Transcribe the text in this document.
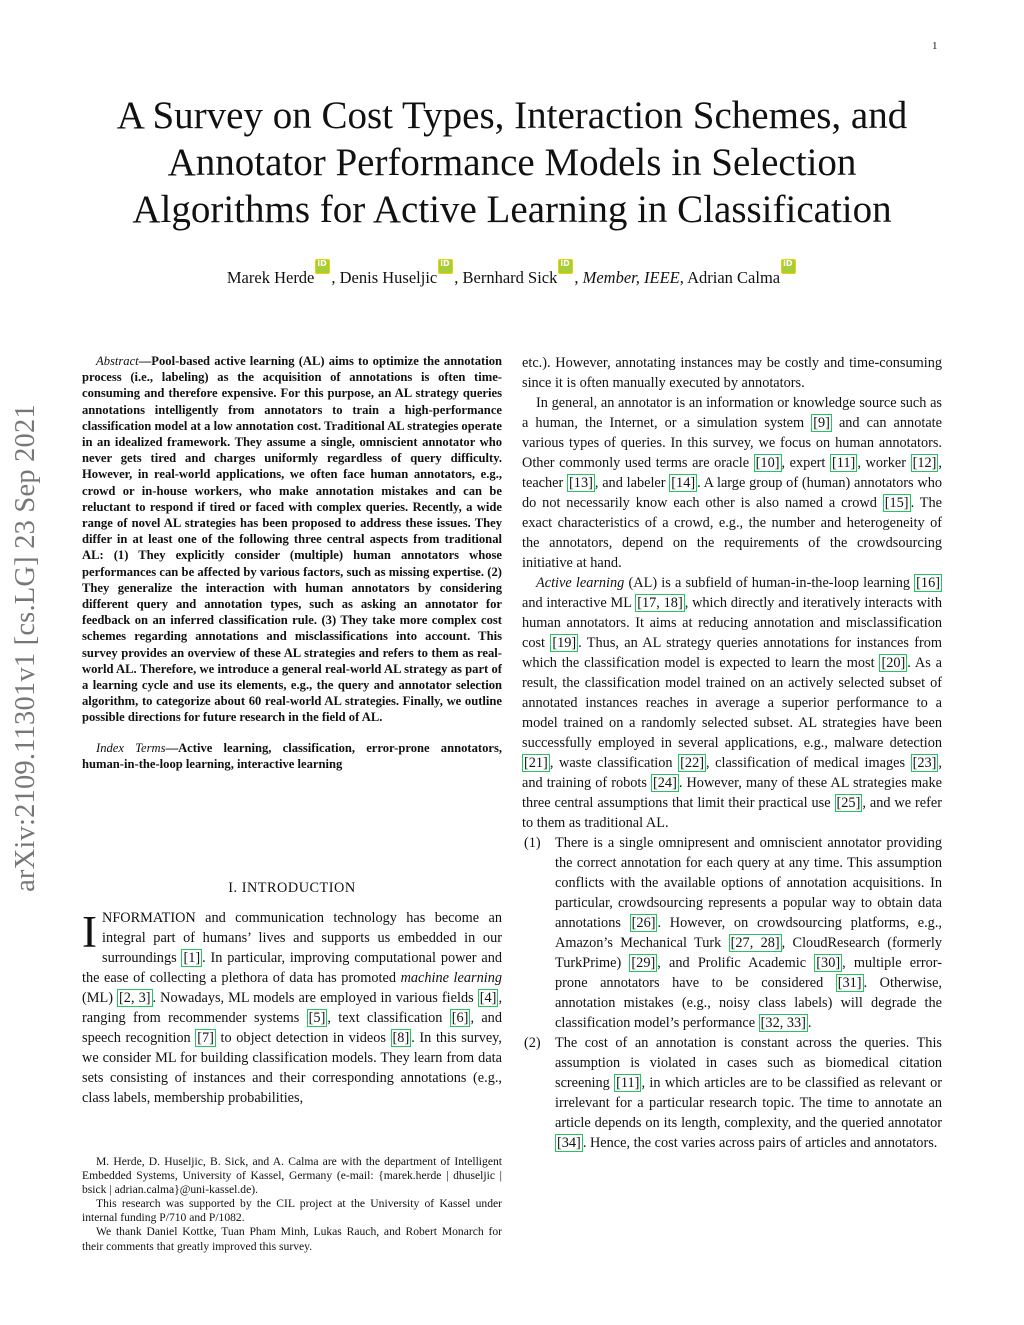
1
A Survey on Cost Types, Interaction Schemes, and
Annotator Performance Models in Selection
Algorithms for Active Learning in Classification
Marek HerdeiD , Denis HuseljiciD , Bernhard SickiD , Member, IEEE, Adrian CalmaiD
arXiv:2109.11301v1 [cs.LG] 23 Sep 2021

Abstract—Pool-based active learning (AL) aims to optimize the annotation process (i.e., labeling) as the acquisition of annotations is often time-consuming and therefore expensive. For this purpose, an AL strategy queries annotations intelligently from annotators to train a high-performance classification model at a low annotation cost. Traditional AL strategies operate in an idealized framework. They assume a single, omniscient annotator who never gets tired and charges uniformly regardless of query difficulty. However, in real-world applications, we often face human annotators, e.g., crowd or in-house workers, who make annotation mistakes and can be reluctant to respond if tired or faced with complex queries. Recently, a wide range of novel AL strategies has been proposed to address these issues. They differ in at least one of the following three central aspects from traditional AL: (1) They explicitly consider (multiple) human annotators whose performances can be affected by various factors, such as missing expertise. (2) They generalize the interaction with human annotators by considering different query and annotation types, such as asking an annotator for feedback on an inferred classification rule. (3) They take more complex cost schemes regarding annotations and misclassifications into account. This survey provides an overview of these AL strategies and refers to them as real-world AL. Therefore, we introduce a general real-world AL strategy as part of a learning cycle and use its elements, e.g., the query and annotator selection algorithm, to categorize about 60 real-world AL strategies. Finally, we outline possible directions for future research in the field of AL.

Index Terms—Active learning, classification, error-prone annotators, human-in-the-loop learning, interactive learning

I. INTRODUCTION

INFORMATION and communication technology has become an integral part of humans’ lives and supports us embedded in our surroundings [1] . In particular, improving computational power and the ease of collecting a plethora of data has promoted machine learning (ML) [2, 3] . Nowadays, ML models are employed in various fields [4] , ranging from recommender systems [5] , text classification [6] , and speech recognition [7] to object detection in videos [8] . In this survey, we consider ML for building classification models. They learn from data sets consisting of instances and their corresponding annotations (e.g., class labels, membership probabilities,

M. Herde, D. Huseljic, B. Sick, and A. Calma are with the department of Intelligent Embedded Systems, University of Kassel, Germany (e-mail: {marek.herde | dhuseljic | bsick | adrian.calma}@uni-kassel.de).

This research was supported by the CIL project at the University of Kassel under internal funding P/710 and P/1082.

We thank Daniel Kottke, Tuan Pham Minh, Lukas Rauch, and Robert Monarch for their comments that greatly improved this survey.

etc.). However, annotating instances may be costly and time-consuming since it is often manually executed by annotators.

In general, an annotator is an information or knowledge source such as a human, the Internet, or a simulation system [9] and can annotate various types of queries. In this survey, we focus on human annotators. Other commonly used terms are oracle [10] , expert [11] , worker [12] , teacher [13] , and labeler [14] . A large group of (human) annotators who do not necessarily know each other is also named a crowd [15] . The exact characteristics of a crowd, e.g., the number and heterogeneity of the annotators, depend on the requirements of the crowdsourcing initiative at hand.

Active learning (AL) is a subfield of human-in-the-loop learning [16] and interactive ML [17, 18] , which directly and iteratively interacts with human annotators. It aims at reducing annotation and misclassification cost [19] . Thus, an AL strategy queries annotations for instances from which the classification model is expected to learn the most [20] . As a result, the classification model trained on an actively selected subset of annotated instances reaches in average a superior performance to a model trained on a randomly selected subset. AL strategies have been successfully employed in several applications, e.g., malware detection [21] , waste classification [22] , classification of medical images [23] , and training of robots [24] . However, many of these AL strategies make three central assumptions that limit their practical use [25] , and we refer to them as traditional AL.

(1) There is a single omnipresent and omniscient annotator providing the correct annotation for each query at any time. This assumption conflicts with the available options of annotation acquisitions. In particular, crowdsourcing represents a popular way to obtain data annotations [26] . However, on crowdsourcing platforms, e.g., Amazon’s Mechanical Turk [27, 28] , CloudResearch (formerly TurkPrime) [29] , and Prolific Academic [30] , multiple error-prone annotators have to be considered [31] . Otherwise, annotation mistakes (e.g., noisy class labels) will degrade the classification model’s performance [32, 33] .
(2) The cost of an annotation is constant across the queries. This assumption is violated in cases such as biomedical citation screening [11] , in which articles are to be classified as relevant or irrelevant for a particular research topic. The time to annotate an article depends on its length, complexity, and the queried annotator [34] . Hence, the cost varies across pairs of articles and annotators.
